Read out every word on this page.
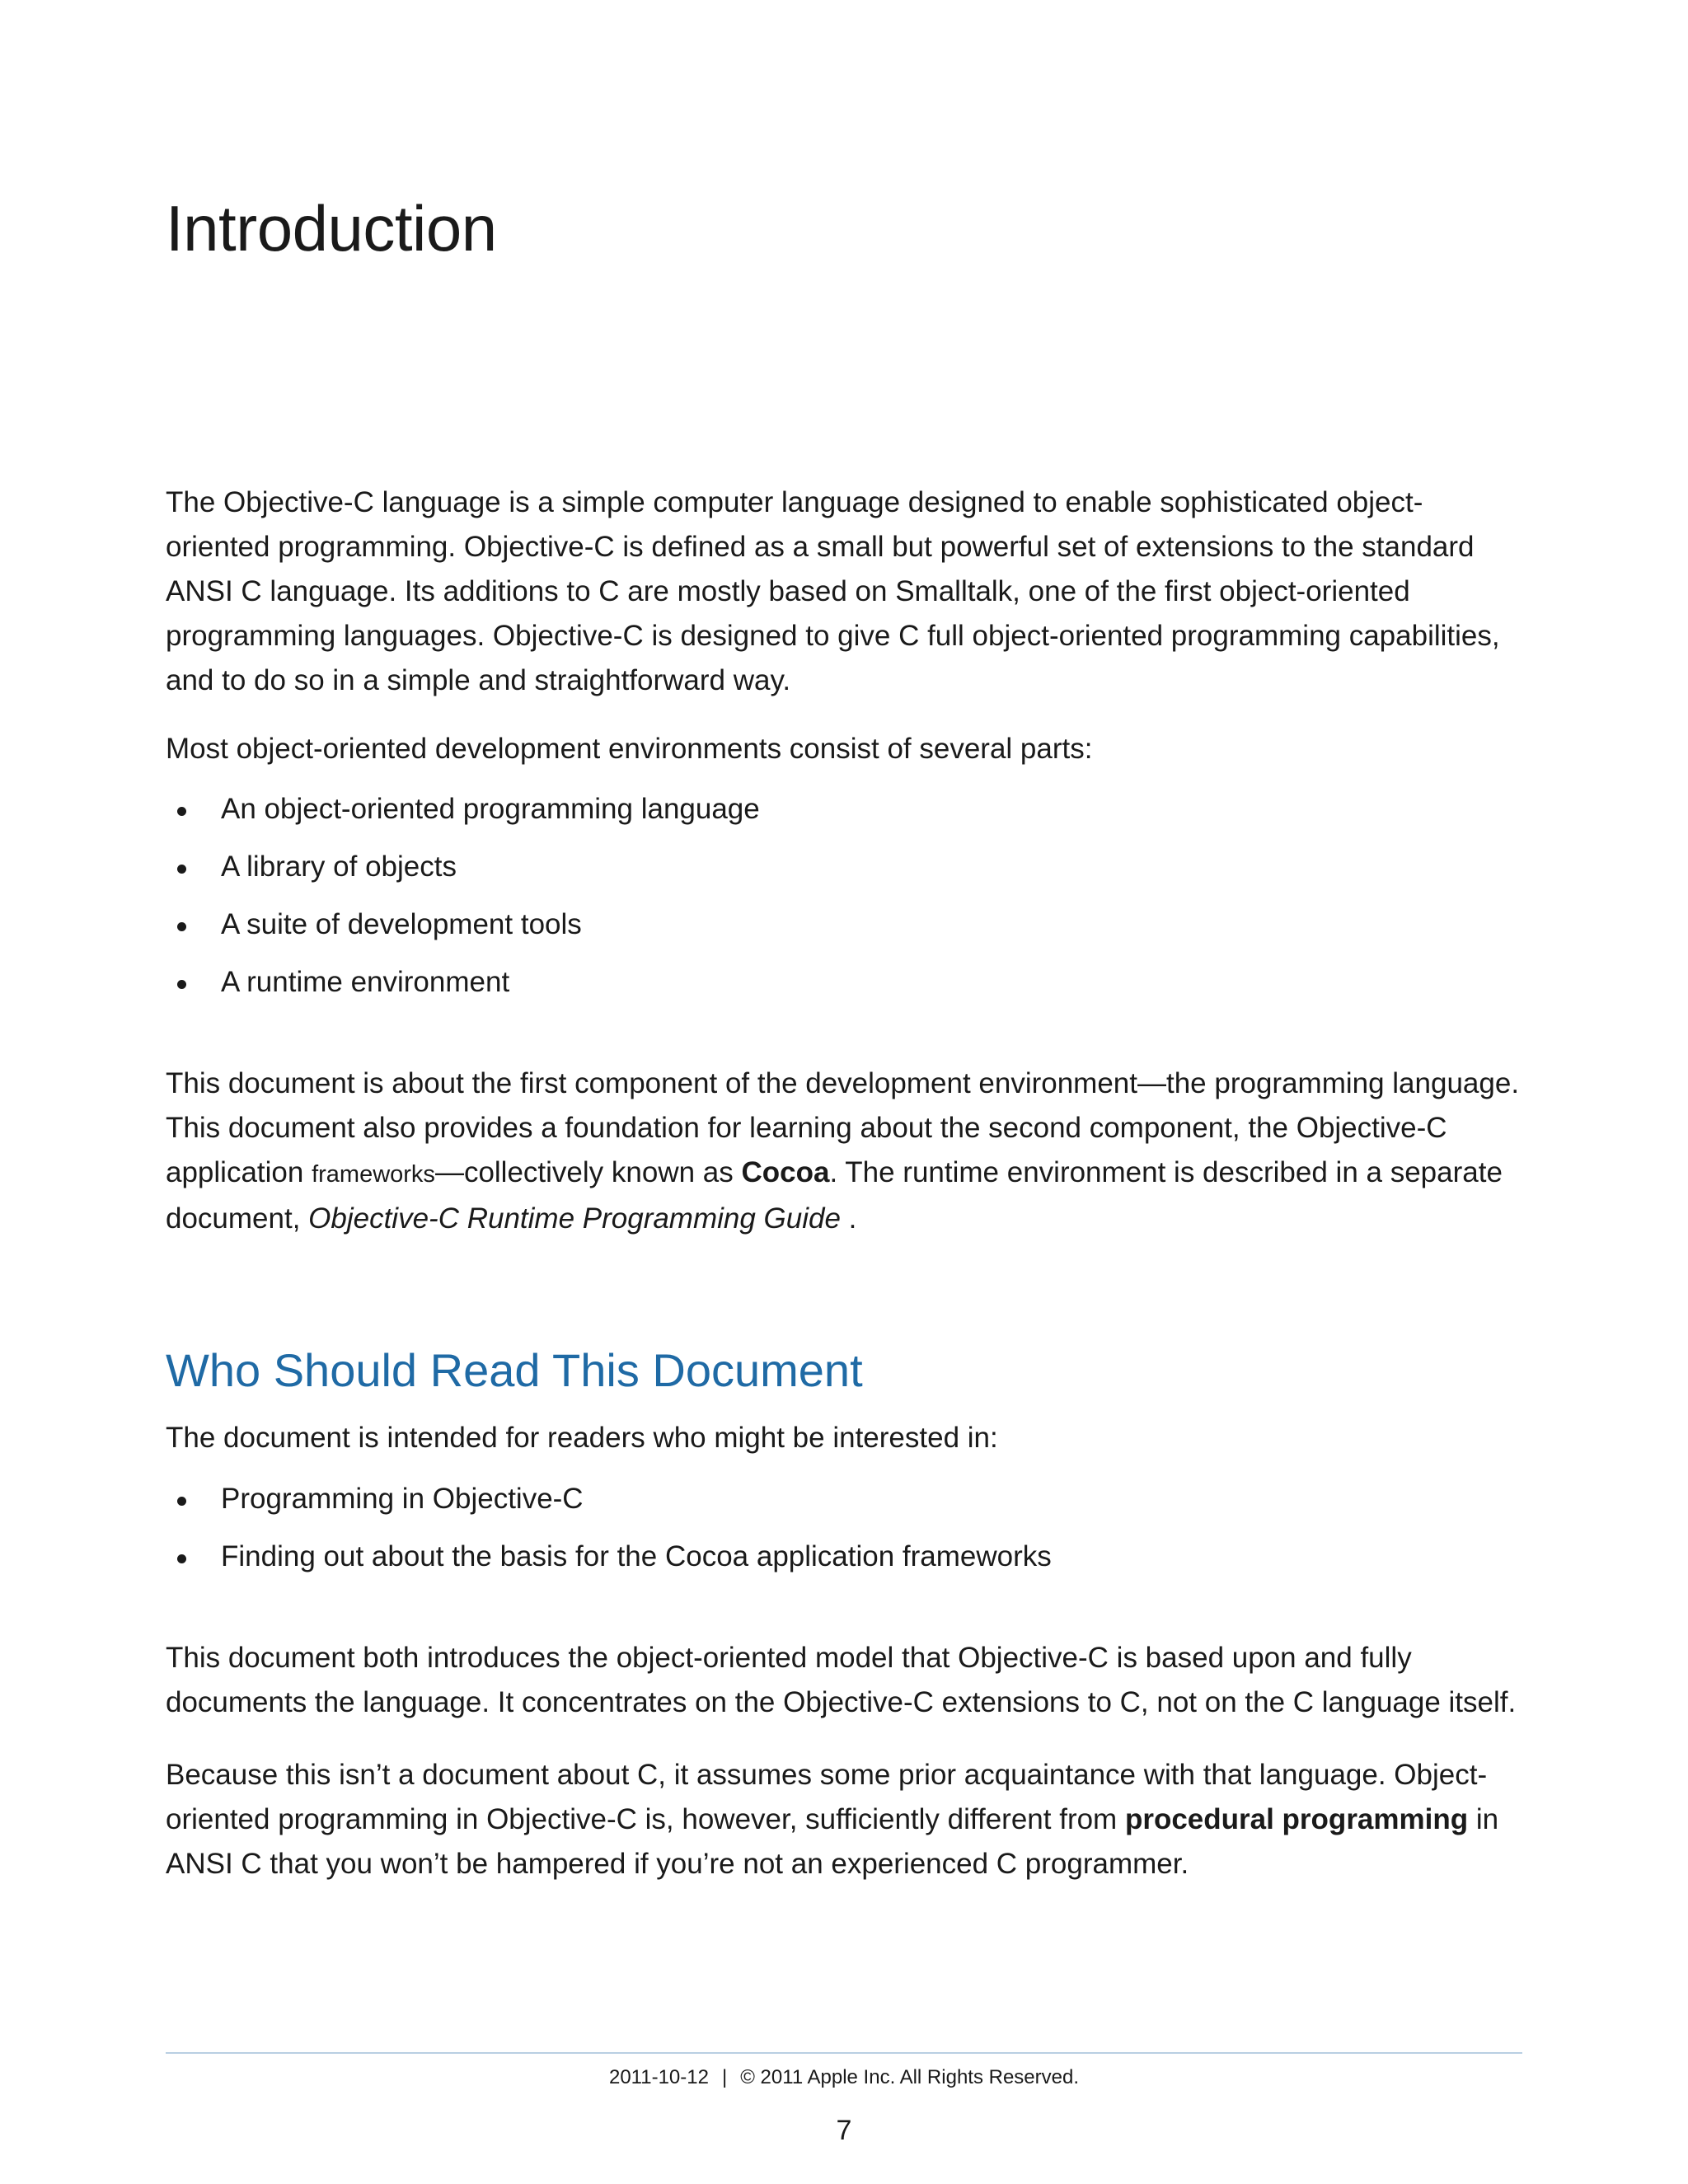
Introduction

The Objective-C language is a simple computer language designed to enable sophisticated object-oriented programming. Objective-C is defined as a small but powerful set of extensions to the standard ANSI C language. Its additions to C are mostly based on Smalltalk, one of the first object-oriented programming languages. Objective-C is designed to give C full object-oriented programming capabilities, and to do so in a simple and straightforward way.

Most object-oriented development environments consist of several parts:

An object-oriented programming language
A library of objects
A suite of development tools
A runtime environment

This document is about the first component of the development environment—the programming language. This document also provides a foundation for learning about the second component, the Objective-C application frameworks—collectively known as Cocoa. The runtime environment is described in a separate document, Objective-C Runtime Programming Guide .

Who Should Read This Document

The document is intended for readers who might be interested in:

Programming in Objective-C
Finding out about the basis for the Cocoa application frameworks

This document both introduces the object-oriented model that Objective-C is based upon and fully documents the language. It concentrates on the Objective-C extensions to C, not on the C language itself.

Because this isn’t a document about C, it assumes some prior acquaintance with that language. Object-oriented programming in Objective-C is, however, sufficiently different from procedural programming in ANSI C that you won’t be hampered if you’re not an experienced C programmer.

2011-10-12 | © 2011 Apple Inc. All Rights Reserved.
7
